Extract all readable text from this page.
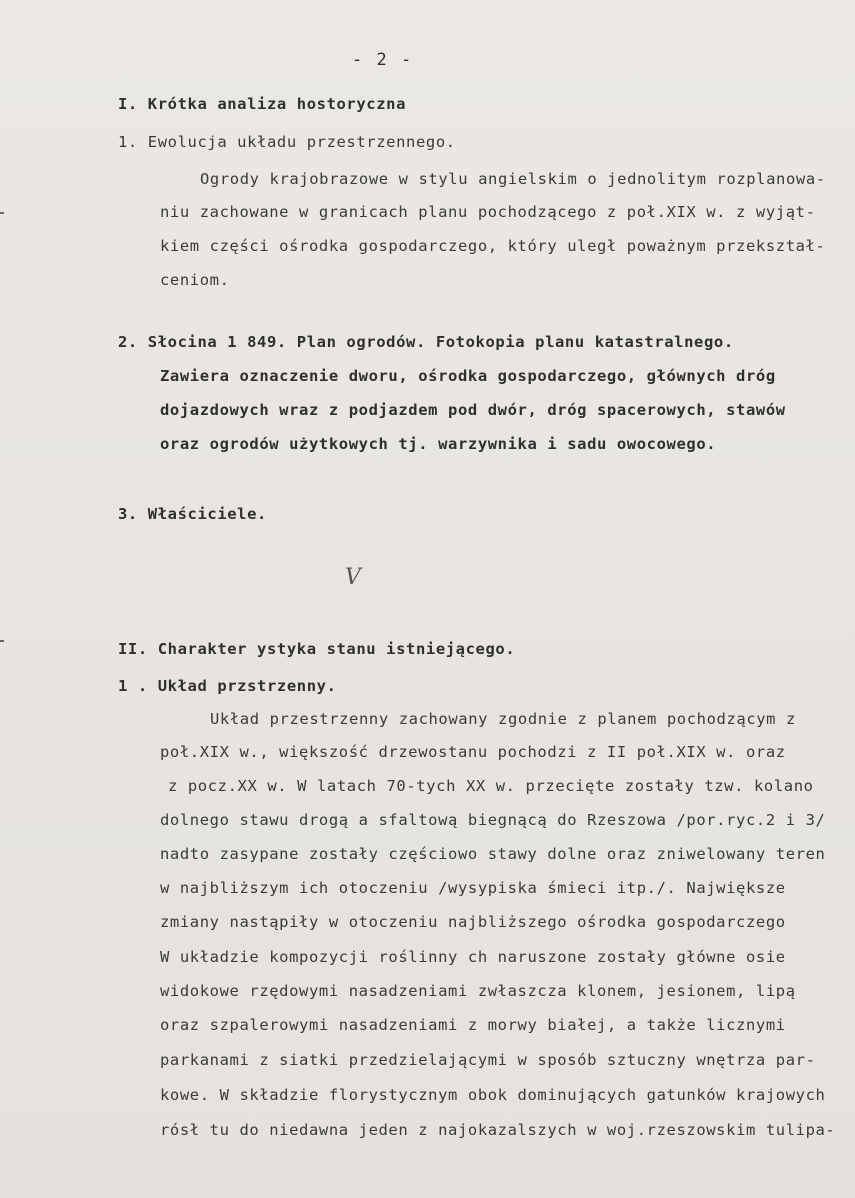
- 2 -
I. Krótka analiza hostoryczna
1. Ewolucja układu przestrzennego.
Ogrody krajobrazowe w stylu angielskim o jednolitym rozplanowa-
niu zachowane w granicach planu pochodzącego z poł.XIX w. z wyjąt-
kiem części ośrodka gospodarczego, który uległ poważnym przekształ-
ceniom.
2. Słocina 1 849. Plan ogrodów. Fotokopia planu katastralnego.
Zawiera oznaczenie dworu, ośrodka gospodarczego, głównych dróg
dojazdowych wraz z podjazdem pod dwór, dróg spacerowych, stawów
oraz ogrodów użytkowych tj. warzywnika i sadu owocowego.
3. Właściciele.
V
II. Charakter ystyka stanu istniejącego.
1 . Układ przstrzenny.
Układ przestrzenny zachowany zgodnie z planem pochodzącym z
poł.XIX w., większość drzewostanu pochodzi z II poł.XIX w. oraz
z pocz.XX w. W latach 70-tych XX w. przecięte zostały tzw. kolano
dolnego stawu drogą a sfaltową biegnącą do Rzeszowa /por.ryc.2 i 3/
nadto zasypane zostały częściowo stawy dolne oraz zniwelowany teren
w najbliższym ich otoczeniu /wysypiska śmieci itp./. Największe
zmiany nastąpiły w otoczeniu najbliższego ośrodka gospodarczego
W układzie kompozycji roślinny ch naruszone zostały główne osie
widokowe rzędowymi nasadzeniami zwłaszcza klonem, jesionem, lipą
oraz szpalerowymi nasadzeniami z morwy białej, a także licznymi
parkanami z siatki przedzielającymi w sposób sztuczny wnętrza par-
kowe. W składzie florystycznym obok dominujących gatunków krajowych
rósł tu do niedawna jeden z najokazalszych w woj.rzeszowskim tulipa-
